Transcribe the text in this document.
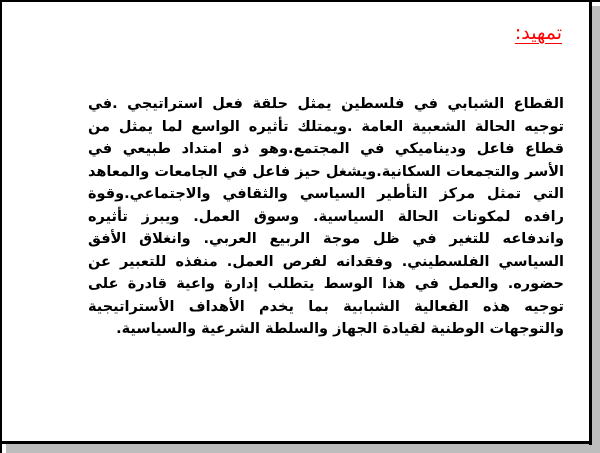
تمهيد:

القطاع الشبابي في فلسطين يمثل حلقة فعل استراتيجي .في توجيه الحالة الشعبية العامة .ويمتلك تأثيره الواسع لما يمثل من قطاع فاعل وديناميكي في المجتمع.وهو ذو امتداد طبيعي في الأسر والتجمعات السكانية.ويشغل حيز فاعل في الجامعات والمعاهد التي تمثل مركز التأطير السياسي والثقافي والاجتماعي.وقوة رافده لمكونات الحالة السياسية. وسوق العمل. ويبرز تأثيره واندفاعه للتغير في ظل موجة الربيع العربي. وانغلاق الأفق السياسي الفلسطيني. وفقدانه لفرص العمل. منفذه للتعبير عن حضوره. والعمل في هذا الوسط يتطلب إدارة واعية قادرة على توجيه هذه الفعالية الشبابية بما يخدم الأهداف الأستراتيجية والتوجهات الوطنية لقيادة الجهاز والسلطة الشرعية والسياسية.
